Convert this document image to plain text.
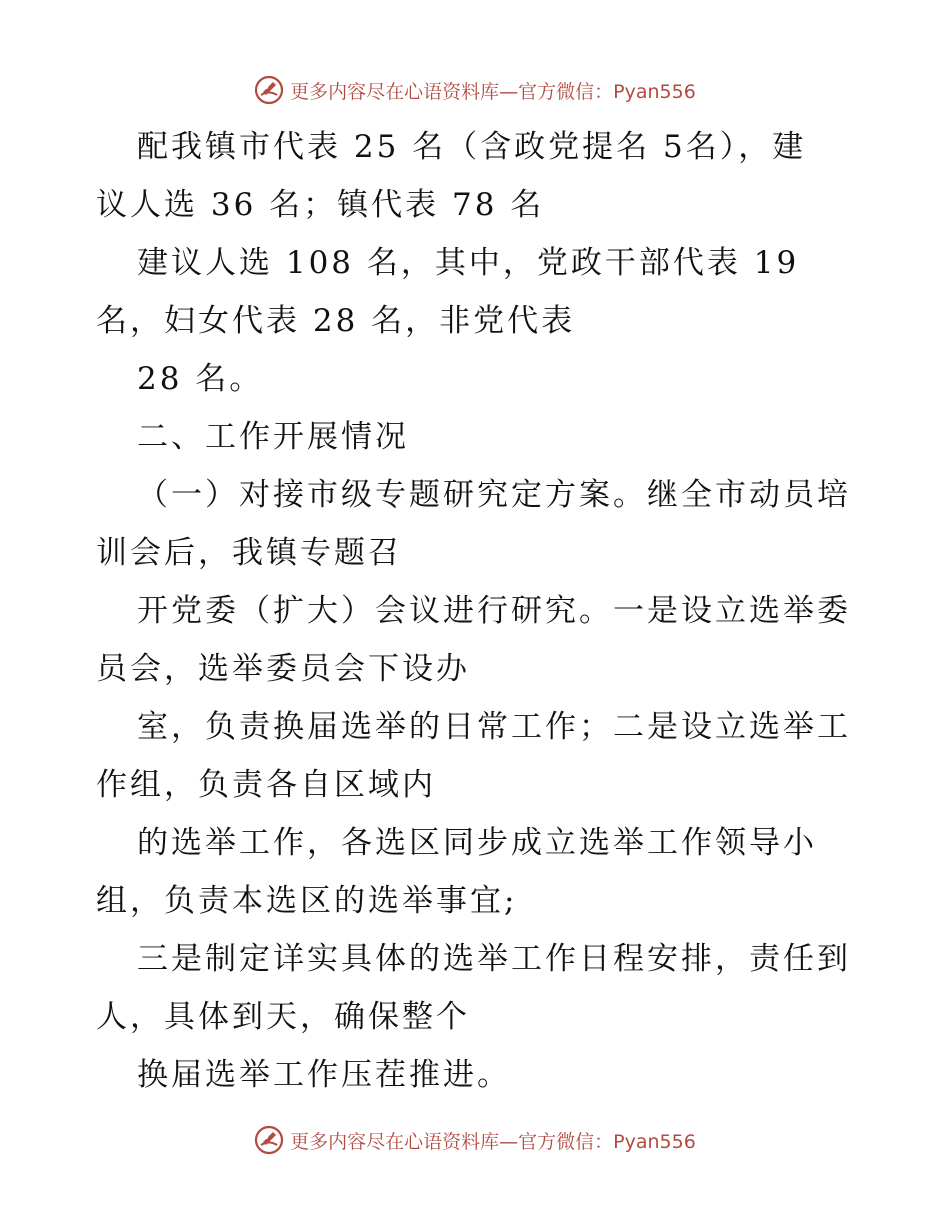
更多内容尽在心语资料库—官方微信：Pyan556
配我镇市代表 25 名（含政党提名 5名），建
议人选 36 名；镇代表 78 名
建议人选 108 名，其中，党政干部代表 19
名，妇女代表 28 名，非党代表
28 名。
二、工作开展情况
（一）对接市级专题研究定方案。继全市动员培
训会后，我镇专题召
开党委（扩大）会议进行研究。一是设立选举委
员会，选举委员会下设办
室，负责换届选举的日常工作；二是设立选举工
作组，负责各自区域内
的选举工作，各选区同步成立选举工作领导小
组，负责本选区的选举事宜;
三是制定详实具体的选举工作日程安排，责任到
人，具体到天，确保整个
换届选举工作压茬推进。
更多内容尽在心语资料库—官方微信：Pyan556
